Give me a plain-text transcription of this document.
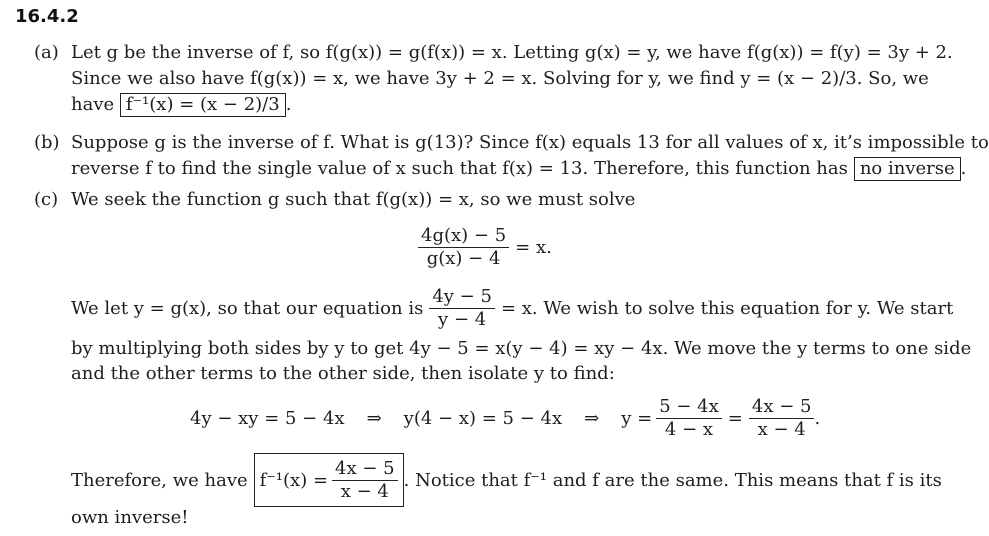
16.4.2
(a) Let g be the inverse of f, so f(g(x)) = g(f(x)) = x. Letting g(x) = y, we have f(g(x)) = f(y) = 3y + 2.
Since we also have f(g(x)) = x, we have 3y + 2 = x. Solving for y, we find y = (x − 2)/3. So, we
have f⁻¹(x) = (x − 2)/3 .
(b) Suppose g is the inverse of f. What is g(13)? Since f(x) equals 13 for all values of x, it’s impossible to
reverse f to find the single value of x such that f(x) = 13. Therefore, this function has no inverse .
(c) We seek the function g such that f(g(x)) = x, so we must solve
$\frac{4g(x) - 5}{g(x) - 4} = x$.
We let y = g(x), so that our equation is $\frac{4y - 5}{y - 4} = x$. We wish to solve this equation for y. We start
by multiplying both sides by y to get 4y − 5 = x(y − 4) = xy − 4x. We move the y terms to one side
and the other terms to the other side, then isolate y to find:
4y − xy = 5 − 4x ⇒ y(4 − x) = 5 − 4x ⇒ $y = \frac{5 - 4x}{4 - x} = \frac{4x - 5}{x - 4}$ .
Therefore, we have $f^{-1}(x) = \frac{4x - 5}{x - 4}$ . Notice that f⁻¹ and f are the same. This means that f is its
own inverse!
